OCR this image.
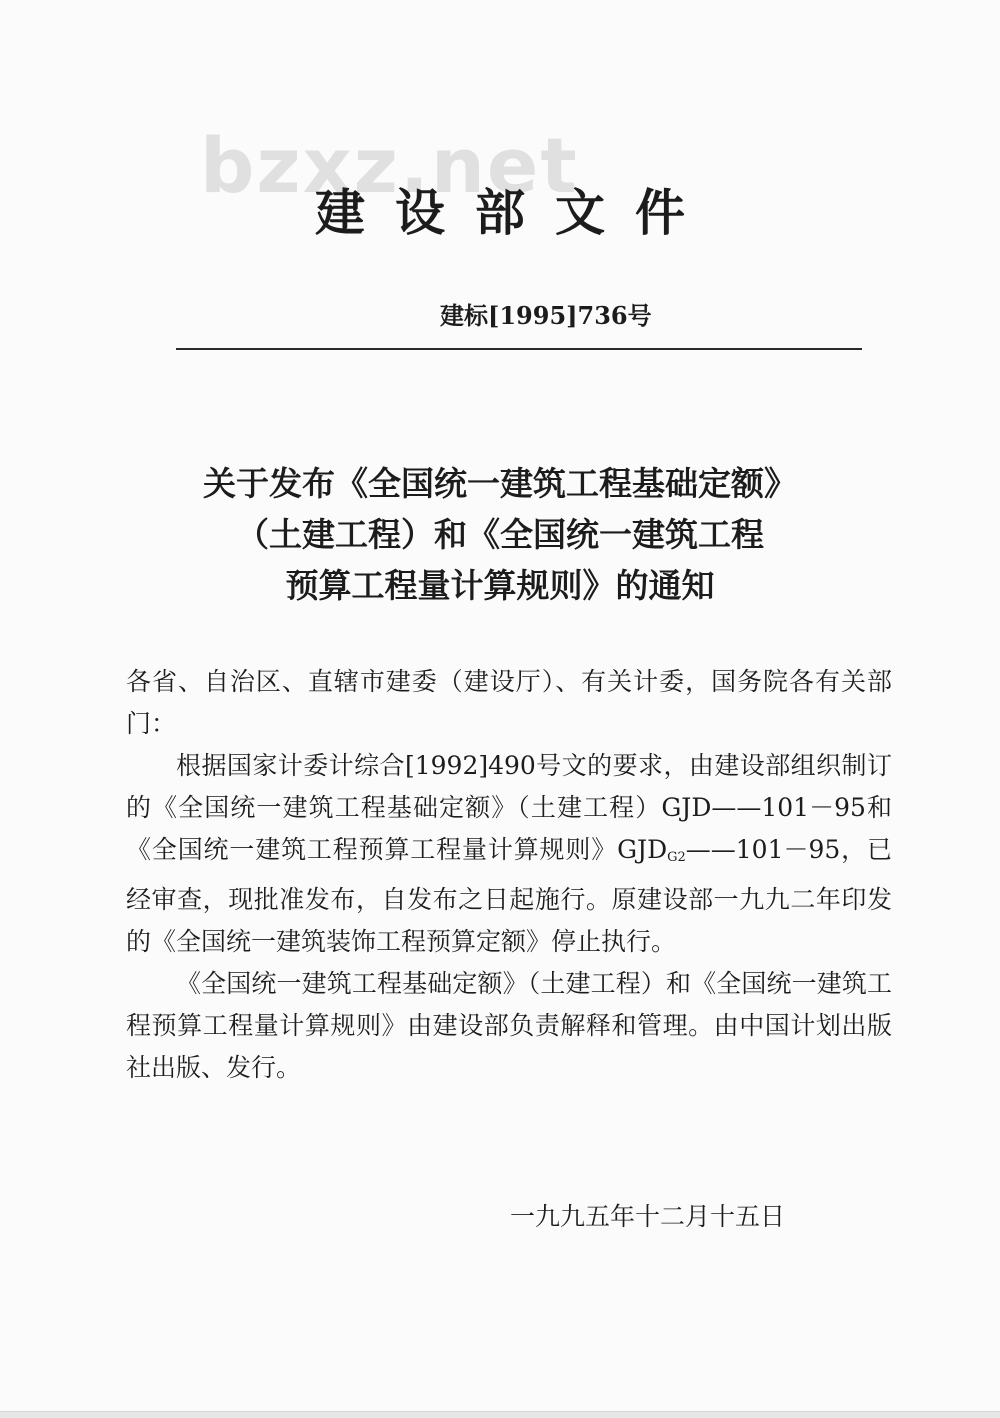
bzxz.net
建设部文件
建标[1995]736号
关于发布《全国统一建筑工程基础定额》
（土建工程）和《全国统一建筑工程
预算工程量计算规则》的通知

各省、自治区、直辖市建委（建设厅）、有关计委，国务院各有关部门：

根据国家计委计综合[1992]490号文的要求，由建设部组织制订的《全国统一建筑工程基础定额》（土建工程）GJD——101－95和《全国统一建筑工程预算工程量计算规则》$GJD_{G2}——101-95$，已经审查，现批准发布，自发布之日起施行。原建设部一九九二年印发的《全国统一建筑装饰工程预算定额》停止执行。

《全国统一建筑工程基础定额》（土建工程）和《全国统一建筑工程预算工程量计算规则》由建设部负责解释和管理。由中国计划出版社出版、发行。

一九九五年十二月十五日
